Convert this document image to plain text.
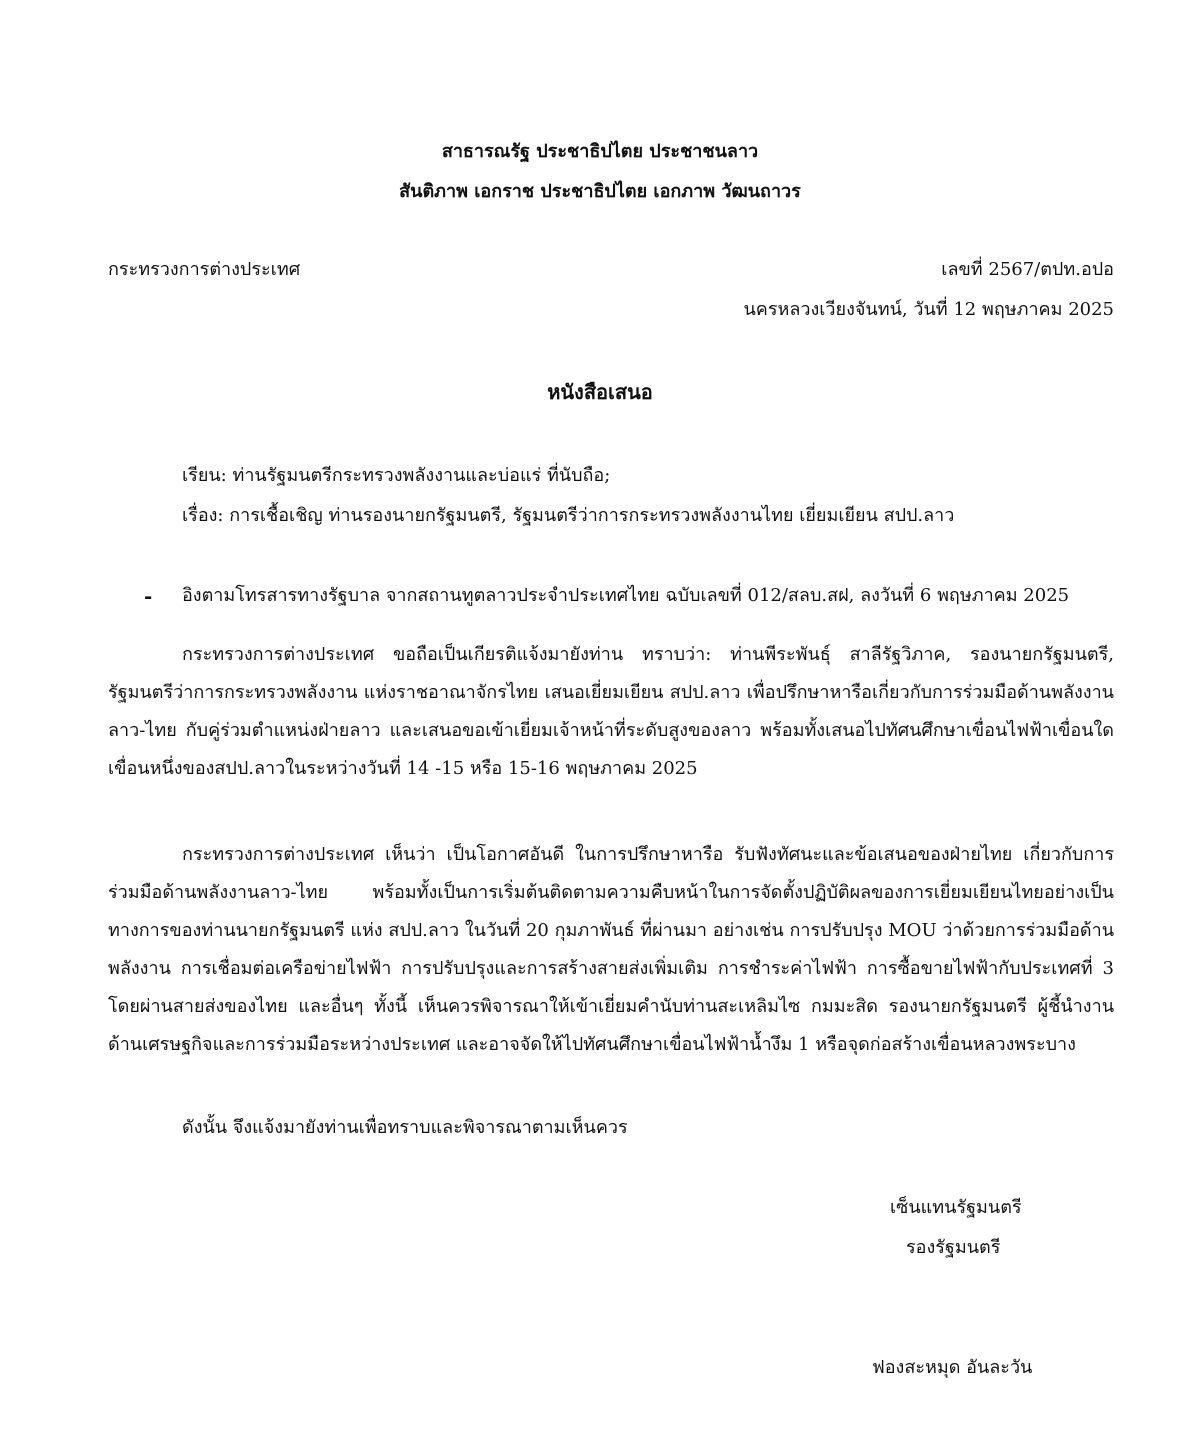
สาธารณรัฐ ประชาธิปไตย ประชาชนลาว
สันติภาพ เอกราช ประชาธิปไตย เอกภาพ วัฒนถาวร
กระทรวงการต่างประเทศ	เลขที่ 2567/ตปท.อปอ
นครหลวงเวียงจันทน์, วันที่ 12 พฤษภาคม 2025
หนังสือเสนอ
เรียน: ท่านรัฐมนตรีกระทรวงพลังงานและบ่อแร่ ที่นับถือ;
เรื่อง: การเชื้อเชิญ ท่านรองนายกรัฐมนตรี, รัฐมนตรีว่าการกระทรวงพลังงานไทย เยี่ยมเยียน สปป.ลาว
- อิงตามโทรสารทางรัฐบาล จากสถานทูตลาวประจำประเทศไทย ฉบับเลขที่ 012/สลบ.สฝ, ลงวันที่ 6 พฤษภาคม 2025
กระทรวงการต่างประเทศ ขอถือเป็นเกียรติแจ้งมายังท่าน ทราบว่า: ท่านพีระพันธุ์ สาลีรัฐวิภาค, รองนายกรัฐมนตรี, รัฐมนตรีว่าการกระทรวงพลังงาน แห่งราชอาณาจักรไทย เสนอเยี่ยมเยียน สปป.ลาว เพื่อปรึกษาหารือเกี่ยวกับการร่วมมือด้านพลังงาน ลาว-ไทย กับคู่ร่วมตำแหน่งฝ่ายลาว และเสนอขอเข้าเยี่ยมเจ้าหน้าที่ระดับสูงของลาว พร้อมทั้งเสนอไปทัศนศึกษาเขื่อนไฟฟ้าเขื่อนใดเขื่อนหนึ่งของสปป.ลาวในระหว่างวันที่ 14 -15 หรือ 15-16 พฤษภาคม 2025
กระทรวงการต่างประเทศ เห็นว่า เป็นโอกาศอันดี ในการปรึกษาหารือ รับฟังทัศนะและข้อเสนอของฝ่ายไทย เกี่ยวกับการร่วมมือด้านพลังงานลาว-ไทย พร้อมทั้งเป็นการเริ่มต้นติดตามความคืบหน้าในการจัดตั้งปฏิบัติผลของการเยี่ยมเยียนไทยอย่างเป็นทางการของท่านนายกรัฐมนตรี แห่ง สปป.ลาว ในวันที่ 20 กุมภาพันธ์ ที่ผ่านมา อย่างเช่น การปรับปรุง MOU ว่าด้วยการร่วมมือด้านพลังงาน การเชื่อมต่อเครือข่ายไฟฟ้า การปรับปรุงและการสร้างสายส่งเพิ่มเติม การชำระค่าไฟฟ้า การซื้อขายไฟฟ้ากับประเทศที่ 3 โดยผ่านสายส่งของไทย และอื่นๆ ทั้งนี้ เห็นควรพิจารณาให้เข้าเยี่ยมคำนับท่านสะเหลิมไซ กมมะสิด รองนายกรัฐมนตรี ผู้ชี้นำงานด้านเศรษฐกิจและการร่วมมือระหว่างประเทศ และอาจจัดให้ไปทัศนศึกษาเขื่อนไฟฟ้าน้ำงึม 1 หรือจุดก่อสร้างเขื่อนหลวงพระบาง
ดังนั้น จึงแจ้งมายังท่านเพื่อทราบและพิจารณาตามเห็นควร
เซ็นแทนรัฐมนตรี
รองรัฐมนตรี
ฟองสะหมุด อันละวัน
